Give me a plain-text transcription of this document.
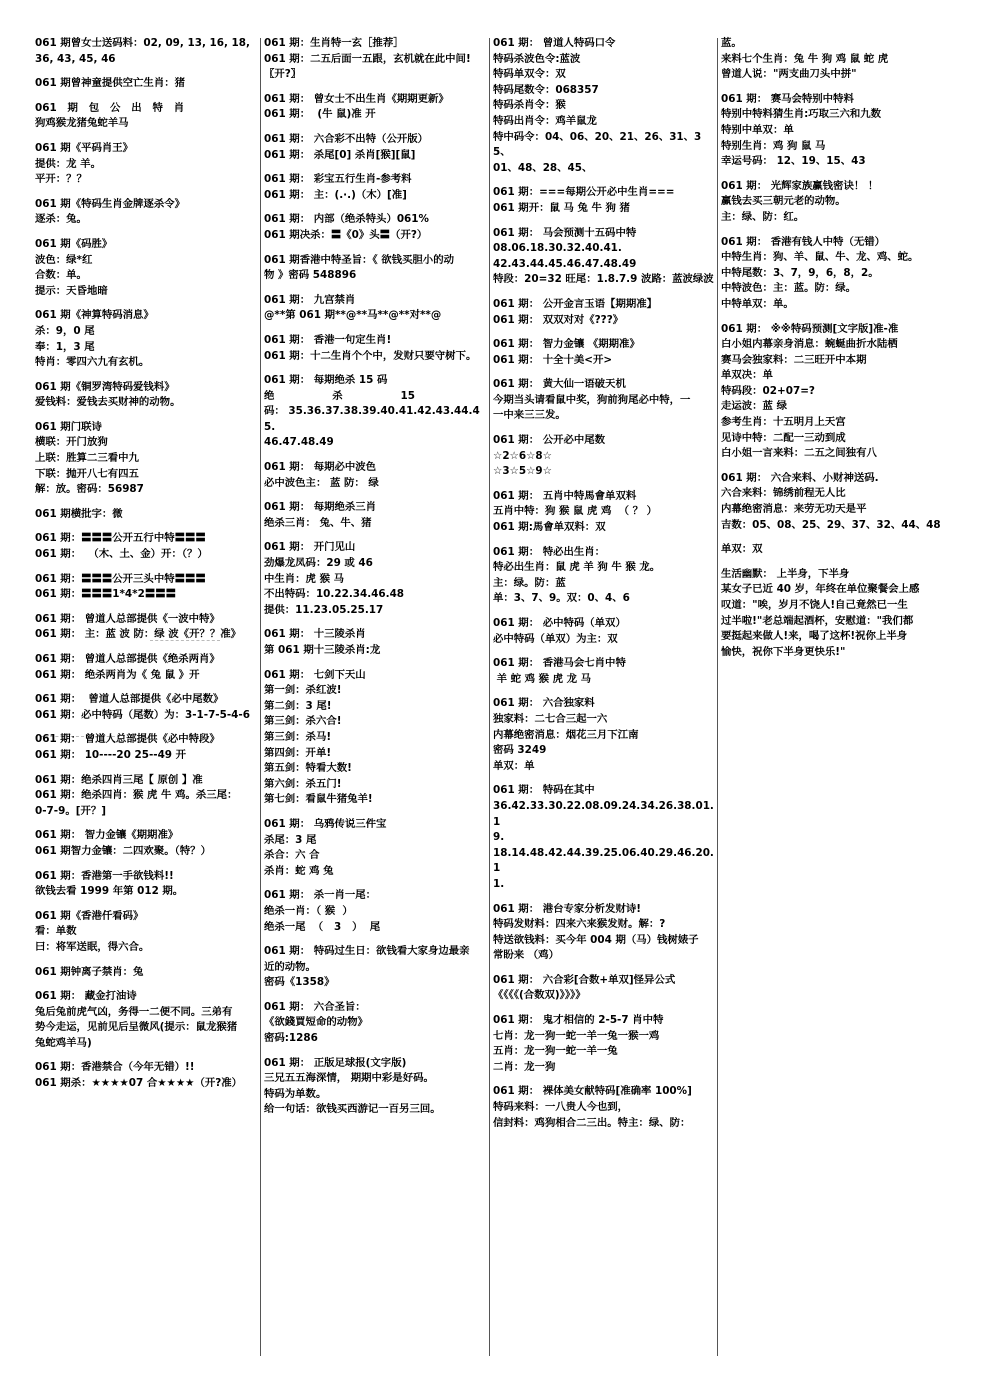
061 期曾女士送码料：02, 09, 13, 16, 18,
36, 43, 45, 46
061 期曾神童提供空亡生肖：猪
061   期   包   公   出   特   肖
狗鸡猴龙猪兔蛇羊马
061 期《平码肖王》
提供：龙 羊。
平开：？？
061 期《特码生肖金牌逐杀令》
逐杀：兔。
061 期《码胜》
波色：绿*红
合数：单。
提示：天昏地暗
061 期《神算特码消息》
杀：9，0 尾
奉：1，3 尾
特肖：零四六九有玄机。
061 期《铜罗湾特码爱钱料》
爱钱料：爱钱去买财神的动物。
061 期门联诗
横联：开门放狗
上联：胜算二三看中九
下联：抛开八七有四五
解：放。密码：56987
061 期横批字：微
061 期：〓〓〓公开五行中特〓〓〓
061 期：  （木、土、金）开：（？）
061 期：〓〓〓公开三头中特〓〓〓
061 期：〓〓〓1*4*2〓〓〓
061 期： 曾道人总部提供《一波中特》
061 期： 主：蓝 波 防：绿 波《开？？准》
061 期： 曾道人总部提供《绝杀两肖》
061 期： 绝杀两肖为《 兔 鼠 》开
061 期：  曾道人总部提供《必中尾数》
061 期：必中特码（尾数）为：3-1-7-5-4-6
061 期： 曾道人总部提供《必中特段》
061 期： 10----20 25--49 开
061 期：绝杀四肖三尾【 原创 】准
061 期：绝杀四肖：猴 虎 牛 鸡。杀三尾：
0-7-9。[开？]
061 期： 智力金镶《期期准》
061 期智力金镶：二四欢聚。（特？）
061 期：香港第一手欲钱料!!
欲钱去看 1999 年第 012 期。
061 期《香港仟看码》
看：单数
曰：将军送眠，得六合。
061 期钟离子禁肖：兔
061 期： 藏金打油诗
兔后兔前虎气凶，务得一二便不同。三弟有
势今走运，见前见后呈微风(提示：鼠龙猴猪
兔蛇鸡羊马)
061 期：香港禁合（今年无错）!!
061 期杀：★★★★07 合★★★★（开?准）
061 期：生肖特一玄［推荐］
061 期：二五后面一五跟，玄机就在此中间!
〖开?〗
061 期： 曾女士不出生肖《期期更新》
061 期：  (牛 鼠)准 开
061 期： 六合彩不出特（公开版）
061 期： 杀尾[0] 杀肖[猴][鼠]
061 期： 彩宝五行生肖-参考料
061 期： 主：(.·.)（木）[准]
061 期： 内部（绝杀特头）061%
061 期决杀：〓《0》头〓（开?）
061 期香港中特圣旨：《 欲钱买胆小的动
物 》密码 548896
061 期： 九宫禁肖
@**第 061 期**@**马**@**对**@
061 期： 香港一句定生肖!
061 期：十二生肖个个中，发财只要守树下。
061 期： 每期绝杀 15 码
绝                杀                15
码： 35.36.37.38.39.40.41.42.43.44.45.
46.47.48.49
061 期： 每期必中波色
必中波色主： 蓝 防： 绿
061 期： 每期绝杀三肖
绝杀三肖： 兔、牛、猪
061 期： 开门见山
劲爆龙凤码：29 或 46
中生肖：虎 猴 马
不出特码：10.22.34.46.48
提供：11.23.05.25.17
061 期： 十三陵杀肖
第 061 期十三陵杀肖:龙
061 期： 七剑下天山
第一剑：杀红波!
第二剑：3 尾!
第三剑：杀六合!
第三剑：杀马!
第四剑：开单!
第五剑：特看大数!
第六剑：杀五门!
第七剑：看鼠牛猪兔羊!
061 期： 乌鸦传说三件宝
杀尾：3 尾
杀合：六 合
杀肖：蛇 鸡 兔
061 期： 杀一肖一尾：
绝杀一肖：（ 猴  ）
绝杀一尾  （   3   ）  尾
061 期： 特码过生日：欲钱看大家身边最亲
近的动物。
密码《1358》
061 期： 六合圣旨：
《欲錢買短命的动物》
密码:1286
061 期： 正版足球报(文字版)
三兄五五海深情， 期期中彩是好码。
特码为单数。
给一句话：欲钱买西游记一百另三回。
061 期： 曾道人特码口令
特码杀波色令:蓝波
特码单双令：双
特码尾数令：068357
特码杀肖令：猴
特码出肖令：鸡羊鼠龙
特中码令：04、06、20、21、26、31、35、
01、48、28、45、
061 期：===每期公开必中生肖===
061 期开：鼠 马 兔 牛 狗 猪
061 期： 马会预测十五码中特
08.06.18.30.32.40.41.
42.43.44.45.46.47.48.49
特段：20=32 旺尾：1.8.7.9 波路：蓝波绿波
061 期： 公开金言玉语【期期准】
061 期： 双双对对《???》
061 期： 智力金镶 《期期准》
061 期： 十全十美<开>
061 期： 黄大仙一语破天机
今期当头请看鼠中奖，狗前狗尾必中特，一
一中来三三发。
061 期： 公开必中尾数
☆2☆6☆8☆
☆3☆5☆9☆
061 期： 五肖中特馬會单双料
五肖中特：狗 猴 鼠 虎 鸡  （ ？ ）
061 期:馬會单双料：双
061 期： 特必出生肖：
特必出生肖：鼠 虎 羊 狗 牛 猴 龙。
主：绿。防：蓝
单：3、7、9。双：0、4、6
061 期： 必中特码（单双）
必中特码（单双）为主：双
061 期： 香港马会七肖中特
羊 蛇 鸡 猴 虎 龙 马
061 期： 六合独家料
独家料：二七合三起一六
内幕绝密消息：烟花三月下江南
密码 3249
单双：单
061 期： 特码在其中
36.42.33.30.22.08.09.24.34.26.38.01.1
9.
18.14.48.42.44.39.25.06.40.29.46.20.1
1.
061 期： 港台专家分析发财诗!
特码发财料：四来六来猴发财。解：?
特送欲钱料：买今年 004 期（马）钱树婊子
常盼来 （鸡）
061 期： 六合彩[合数+单双]怪异公式
《《《《(合数双)》》》》
061 期： 鬼才相信的 2-5-7 肖中特
七肖：龙一狗一蛇一羊一兔一猴一鸡
五肖：龙一狗一蛇一羊一兔
二肖：龙一狗
061 期： 裸体美女献特码[准确率 100%]
特码来料：一八贵人今也到，
信封料：鸡狗相合二三出。特主：绿、防：
蓝。
来料七个生肖：兔 牛 狗 鸡 鼠 蛇 虎
曾道人说："两支曲刀头中拼"
061 期： 赛马会特别中特料
特别中特料猜生肖:巧取三六和九数
特别中单双：单
特别生肖：鸡 狗 鼠 马
幸运号码： 12、19、15、43
061 期： 光辉家族赢钱密诀！ ！
赢钱去买三朝元老的动物。
主：绿、防：红。
061 期： 香港有钱人中特（无错）
中特生肖：狗、羊、鼠、牛、龙、鸡、蛇。
中特尾数：3、7，9，6，8，2。
中特波色：主：蓝。防：绿。
中特单双：单。
061 期： ※※特码预测[文字版]准-准
白小姐内幕亲身消息：蜿蜒曲折水陆栖
赛马会独家料：二三旺开中本期
单双决：单
特码段：02+07=?
走运波：蓝 绿
参考生肖：十五明月上天宫
见诗中特：二配一三动到成
白小姐一言来料：二五之间独有八
061 期： 六合来料、小财神送码.
六合来料：锦绣前程无人比
内幕绝密消息：来劳无功天是平
吉数：05、08、25、29、37、32、44、48
单双：双
生活幽默： 上半身，下半身
某女子已近 40 岁，年终在单位聚餐会上感
叹道："唉，岁月不饶人!自己竟然已一生
过半啦!"老总端起酒杯，安慰道："我们都
要挺起来做人!来，喝了这杯!祝你上半身
愉快，祝你下半身更快乐!"
